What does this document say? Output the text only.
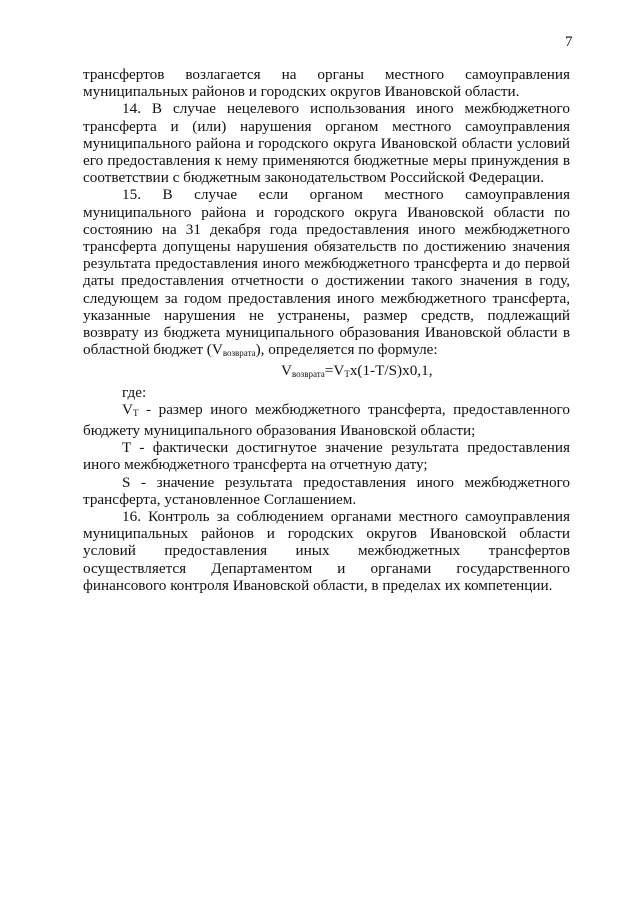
7

трансфертов возлагается на органы местного самоуправления муниципальных районов и городских округов Ивановской области.

14. В случае нецелевого использования иного межбюджетного трансферта и (или) нарушения органом местного самоуправления муниципального района и городского округа Ивановской области условий его предоставления к нему применяются бюджетные меры принуждения в соответствии с бюджетным законодательством Российской Федерации.

15. В случае если органом местного самоуправления муниципального района и городского округа Ивановской области по состоянию на 31 декабря года предоставления иного межбюджетного трансферта допущены нарушения обязательств по достижению значения результата предоставления иного межбюджетного трансферта и до первой даты предоставления отчетности о достижении такого значения в году, следующем за годом предоставления иного межбюджетного трансферта, указанные нарушения не устранены, размер средств, подлежащий возврату из бюджета муниципального образования Ивановской области в областной бюджет $(V_{возврата})$, определяется по формуле:

$V_{возврата}=V_Tx(1-T/S)x0,1$,

где:

$V_T$ - размер иного межбюджетного трансферта, предоставленного бюджету муниципального образования Ивановской области;

T - фактически достигнутое значение результата предоставления иного межбюджетного трансферта на отчетную дату;

S - значение результата предоставления иного межбюджетного трансферта, установленное Соглашением.

16. Контроль за соблюдением органами местного самоуправления муниципальных районов и городских округов Ивановской области условий предоставления иных межбюджетных трансфертов осуществляется Департаментом и органами государственного финансового контроля Ивановской области, в пределах их компетенции.
